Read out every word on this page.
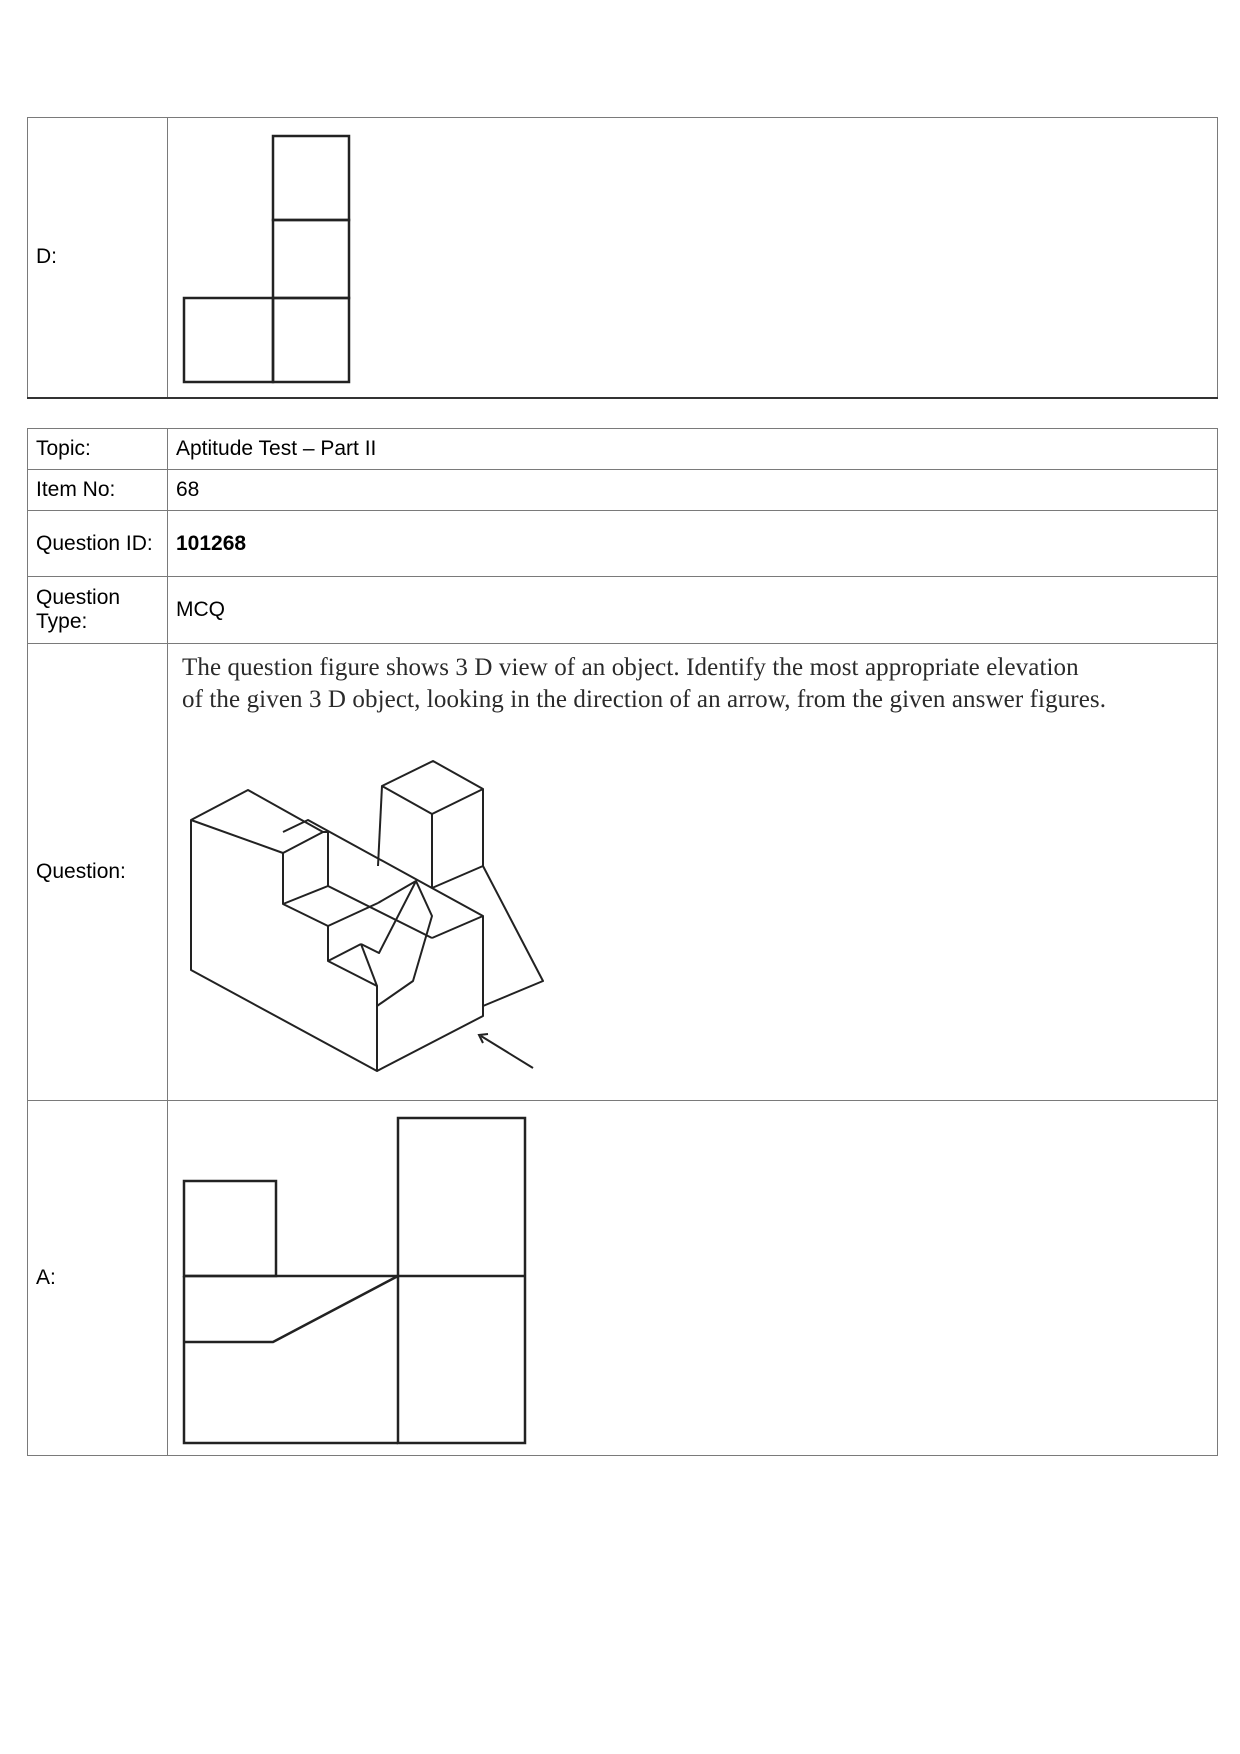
D:	
Topic:	Aptitude Test – Part II
Item No:	68
Question ID:	101268
Question Type:	MCQ
Question:	The question figure shows 3 D view of an object. Identify the most appropriate elevation
of the given 3 D object, looking in the direction of an arrow, from the given answer figures.

A:	
